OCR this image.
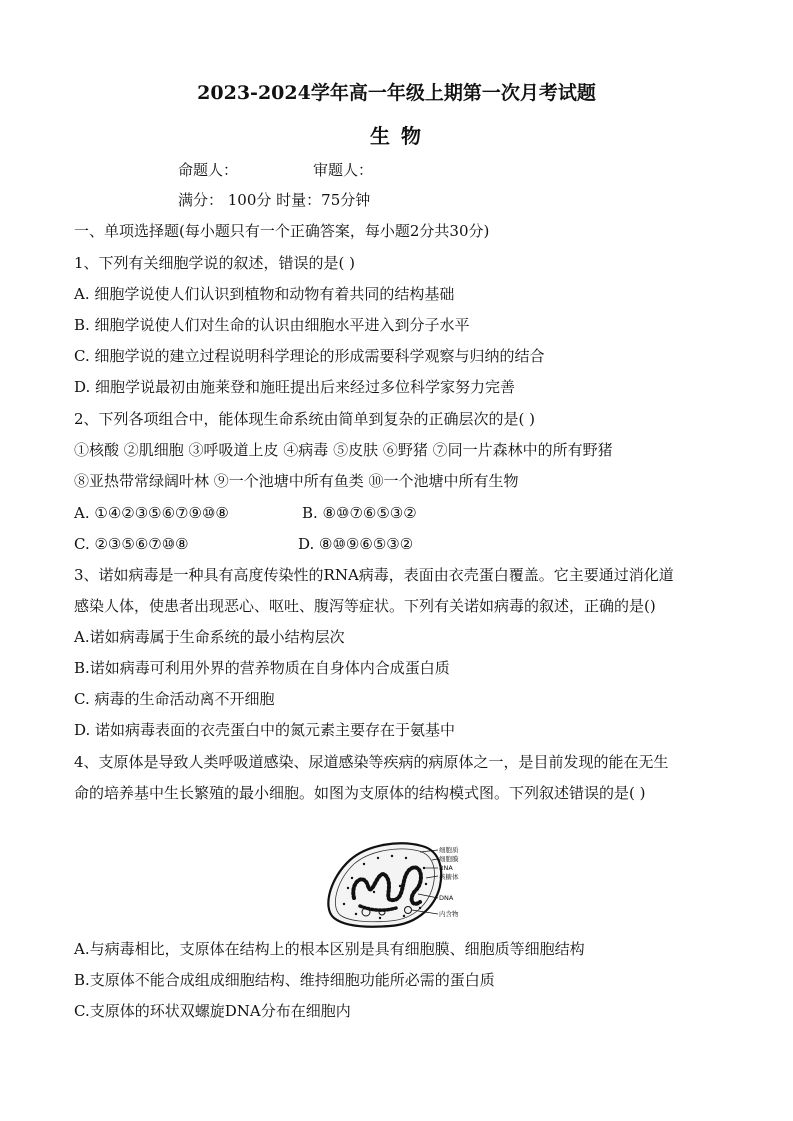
2023-2024学年高一年级上期第一次月考试题
生 物
命题人：	审题人：
满分： 100分 时量：75分钟
一、单项选择题(每小题只有一个正确答案，每小题2分共30分)
1、下列有关细胞学说的叙述，错误的是( )
A. 细胞学说使人们认识到植物和动物有着共同的结构基础
B. 细胞学说使人们对生命的认识由细胞水平进入到分子水平
C. 细胞学说的建立过程说明科学理论的形成需要科学观察与归纳的结合
D. 细胞学说最初由施莱登和施旺提出后来经过多位科学家努力完善
2、下列各项组合中，能体现生命系统由简单到复杂的正确层次的是( )
①核酸 ②肌细胞 ③呼吸道上皮 ④病毒 ⑤皮肤 ⑥野猪 ⑦同一片森林中的所有野猪
⑧亚热带常绿阔叶林 ⑨一个池塘中所有鱼类 ⑩一个池塘中所有生物
A. ①④②③⑤⑥⑦⑨⑩⑧	B. ⑧⑩⑦⑥⑤③②
C. ②③⑤⑥⑦⑩⑧	D. ⑧⑩⑨⑥⑤③②
3、诺如病毒是一种具有高度传染性的RNA病毒，表面由衣壳蛋白覆盖。它主要通过消化道
感染人体，使患者出现恶心、呕吐、腹泻等症状。下列有关诺如病毒的叙述，正确的是()
A.诺如病毒属于生命系统的最小结构层次
B.诺如病毒可利用外界的营养物质在自身体内合成蛋白质
C. 病毒的生命活动离不开细胞
D. 诺如病毒表面的衣壳蛋白中的氮元素主要存在于氨基中
4、支原体是导致人类呼吸道感染、尿道感染等疾病的病原体之一，是目前发现的能在无生
命的培养基中生长繁殖的最小细胞。如图为支原体的结构模式图。下列叙述错误的是( )
细胞质
细胞膜
RNA
核糖体
DNA
内含物
A.与病毒相比，支原体在结构上的根本区别是具有细胞膜、细胞质等细胞结构
B.支原体不能合成组成细胞结构、维持细胞功能所必需的蛋白质
C.支原体的环状双螺旋DNA分布在细胞内
